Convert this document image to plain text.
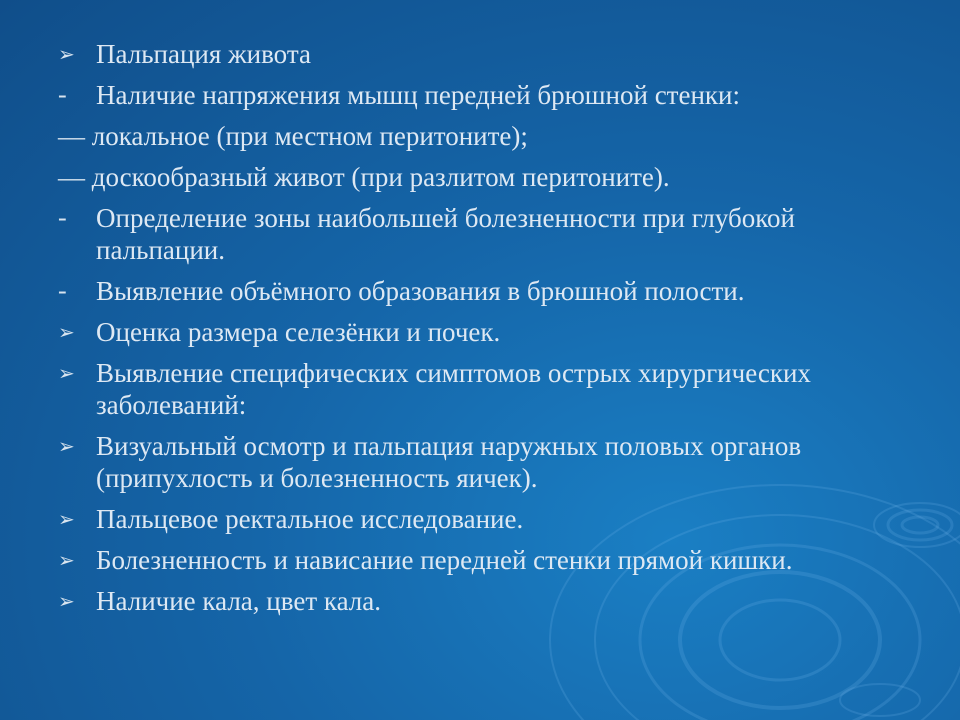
➢ Пальпация живота
-	Наличие напряжения мышц передней брюшной стенки:
— локальное (при местном перитоните);
— доскообразный живот (при разлитом перитоните).
-	Определение зоны наибольшей болезненности при глубокой пальпации.
-	Выявление объёмного образования в брюшной полости.
➢ Оценка размера селезёнки и почек.
➢ Выявление специфических симптомов острых хирургических заболеваний:
➢ Визуальный осмотр и пальпация наружных половых органов (припухлость и болезненность яичек).
➢ Пальцевое ректальное исследование.
➢ Болезненность и нависание передней стенки прямой кишки.
➢ Наличие кала, цвет кала.
